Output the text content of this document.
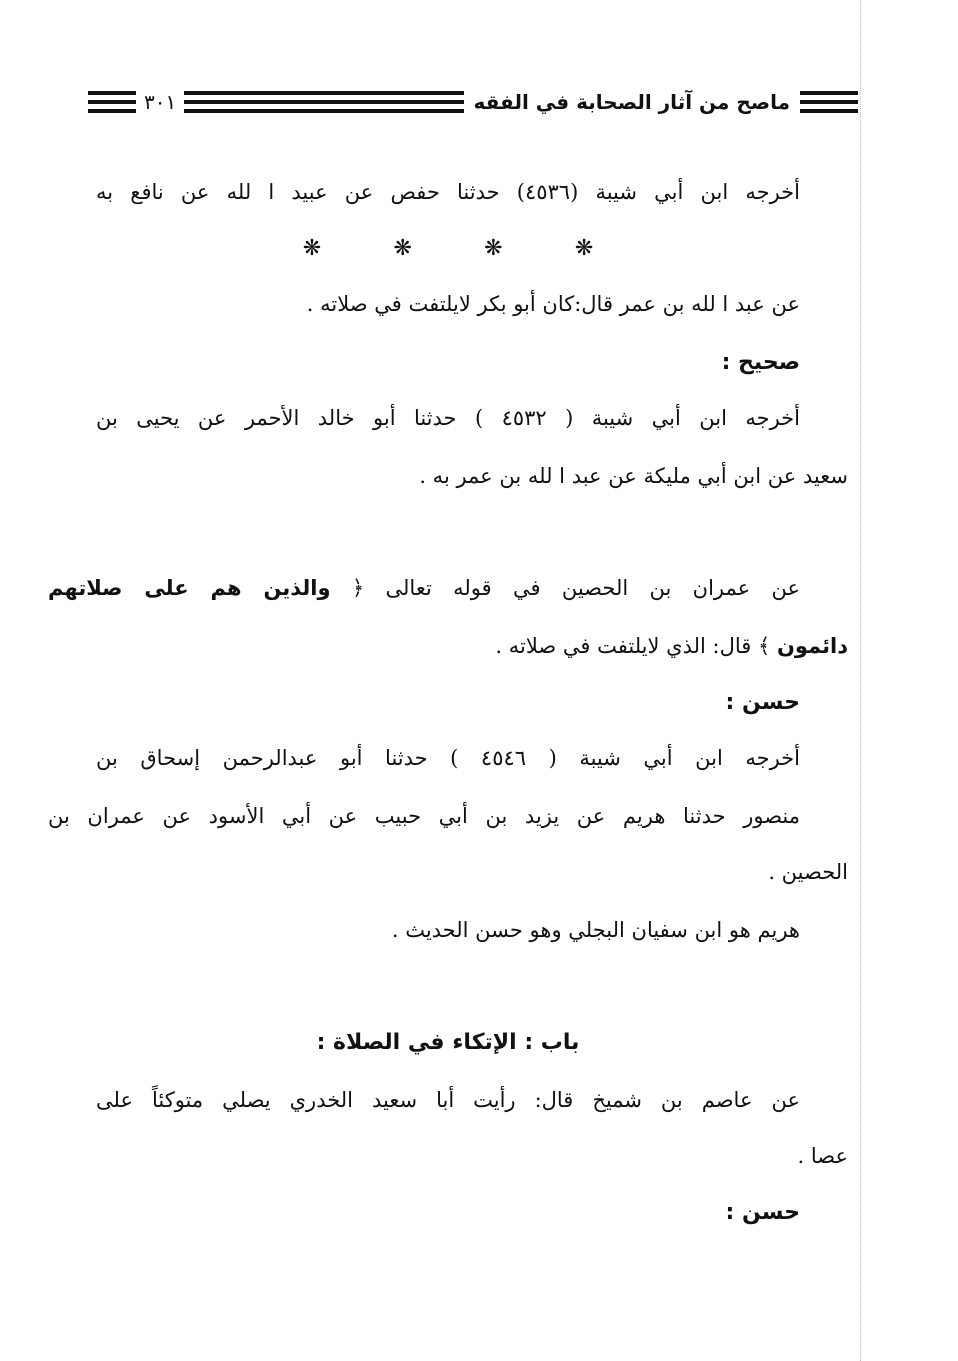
ماصح من آثار الصحابة في الفقه
٣٠١
أخرجه ابن أبي شيبة (٤٥٣٦) حدثنا حفص عن عبيد ا لله عن نافع به
❋ ❋ ❋ ❋
عن عبد ا لله بن عمر قال:كان أبو بكر لايلتفت في صلاته .
صحيح :
أخرجه ابن أبي شيبة ( ٤٥٣٢ ) حدثنا أبو خالد الأحمر عن يحيى بن
سعيد عن ابن أبي مليكة عن عبد ا لله بن عمر به .
عن عمران بن الحصين في قوله تعالى ﴿ والذين هم على صلاتهم
دائمون ﴾ قال: الذي لايلتفت في صلاته .
حسن :
أخرجه ابن أبي شيبة ( ٤٥٤٦ ) حدثنا أبو عبدالرحمن إسحاق بن
منصور حدثنا هريم عن يزيد بن أبي حبيب عن أبي الأسود عن عمران بن
الحصين .
هريم هو ابن سفيان البجلي وهو حسن الحديث .
باب : الإتكاء في الصلاة :
عن عاصم بن شميخ قال: رأيت أبا سعيد الخدري يصلي متوكئاً على
عصا .
حسن :
